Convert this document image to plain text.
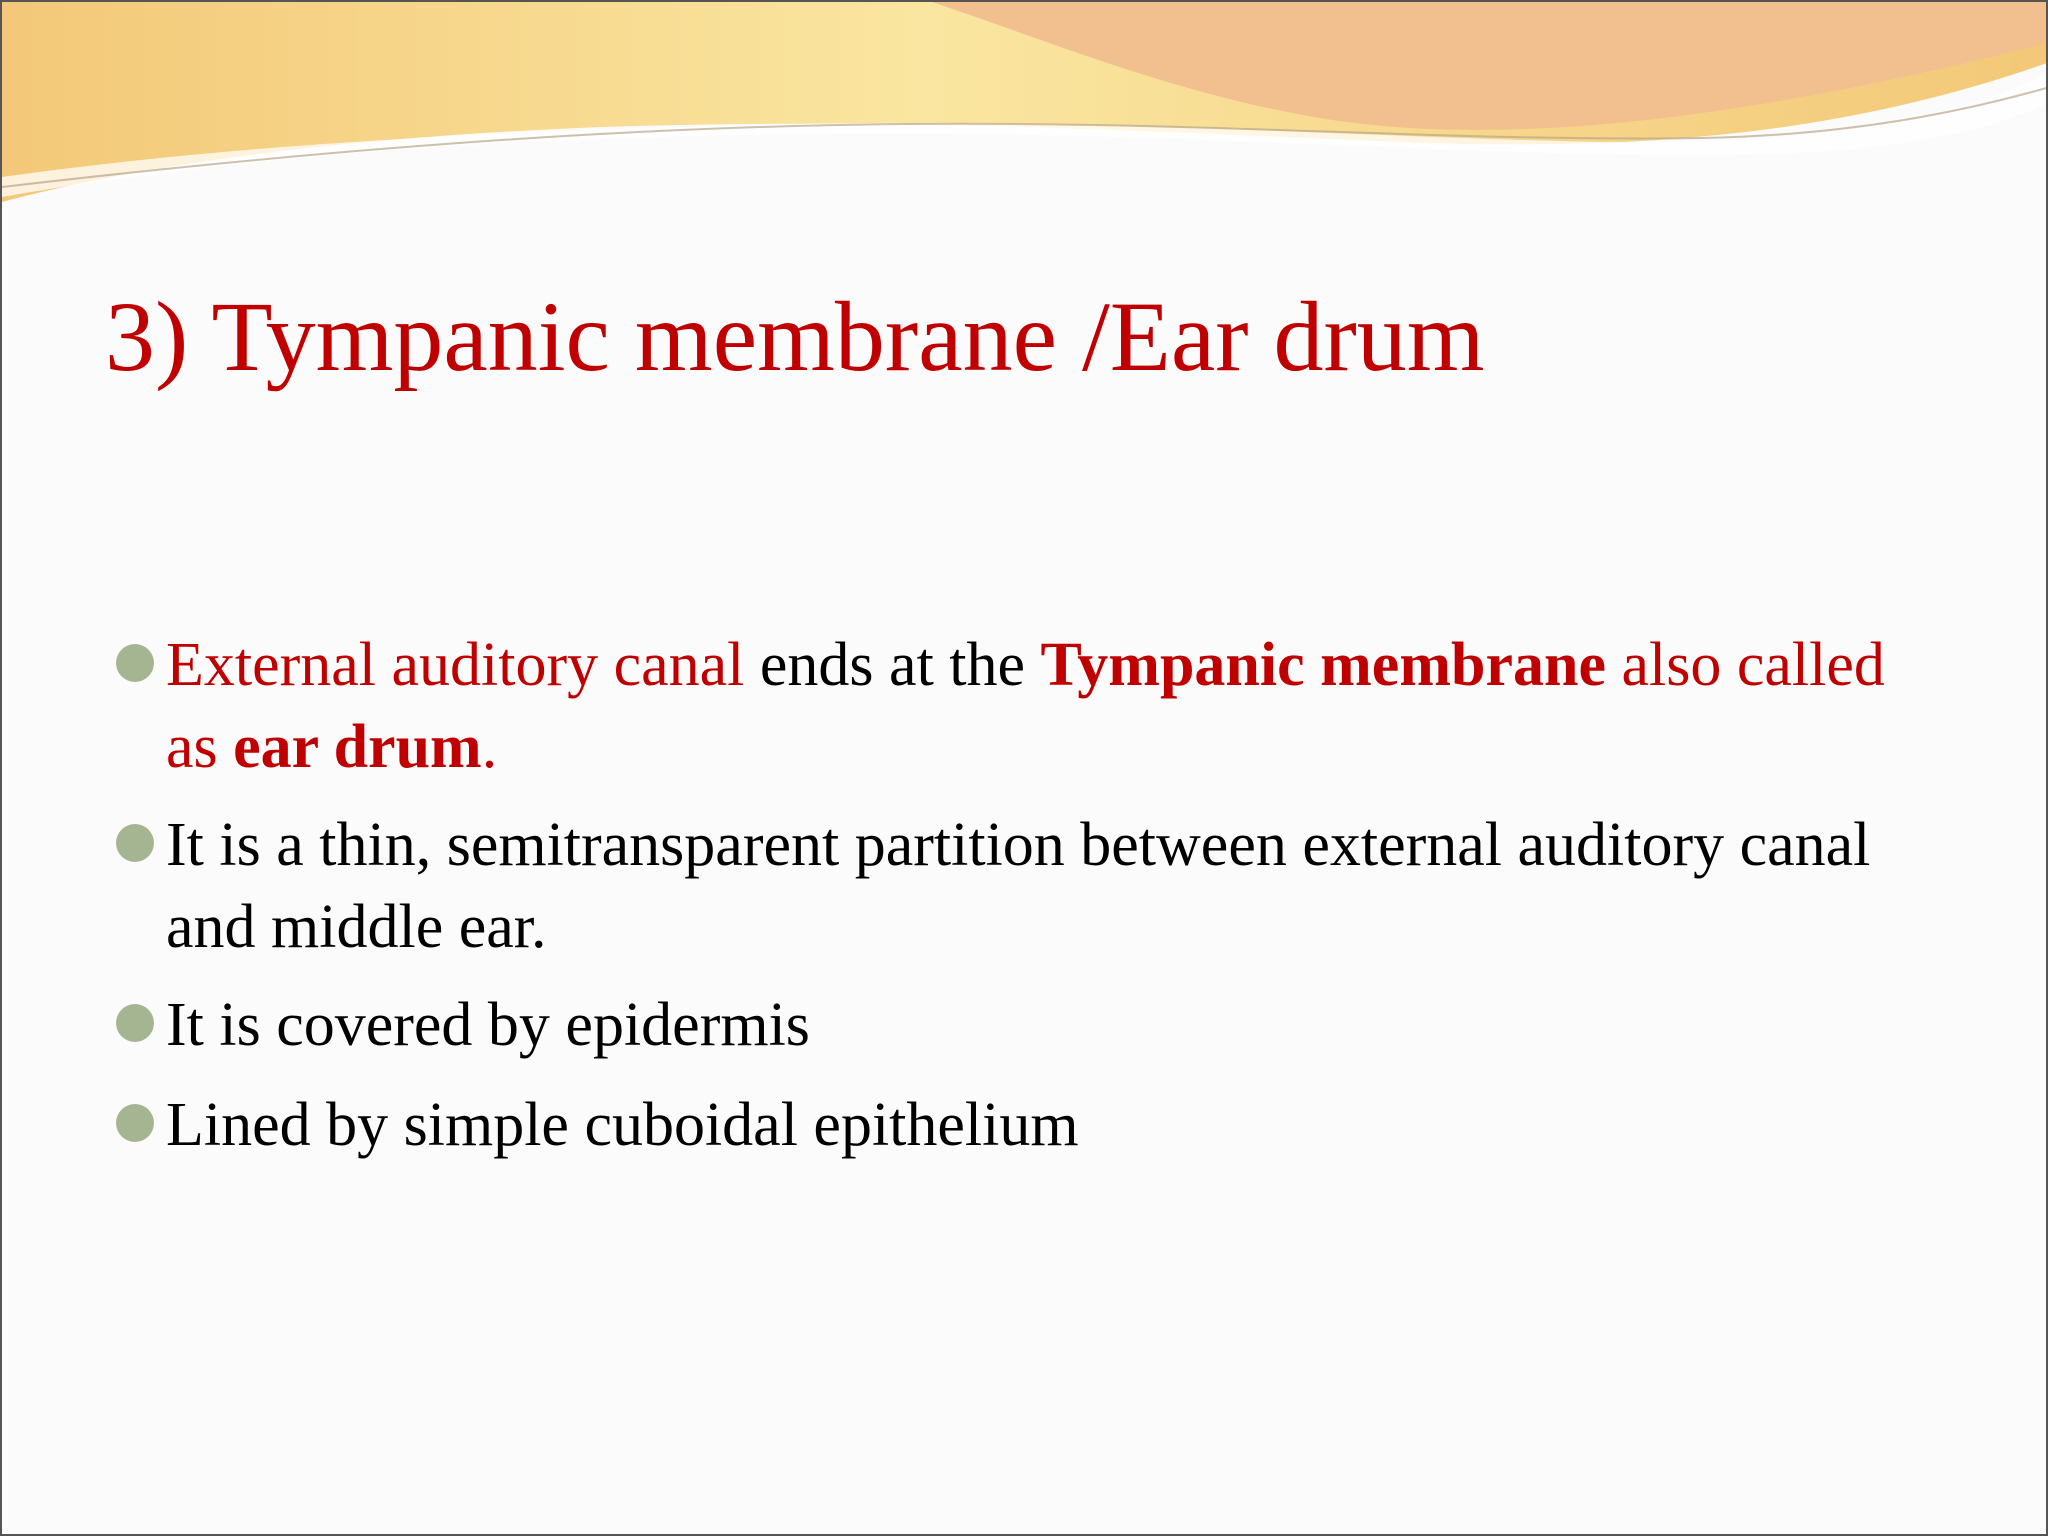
3) Tympanic membrane /Ear drum
External auditory canal ends at the Tympanic membrane also called as ear drum.
It is a thin, semitransparent partition between external auditory canal and middle ear.
It is covered by epidermis
Lined by simple cuboidal epithelium
